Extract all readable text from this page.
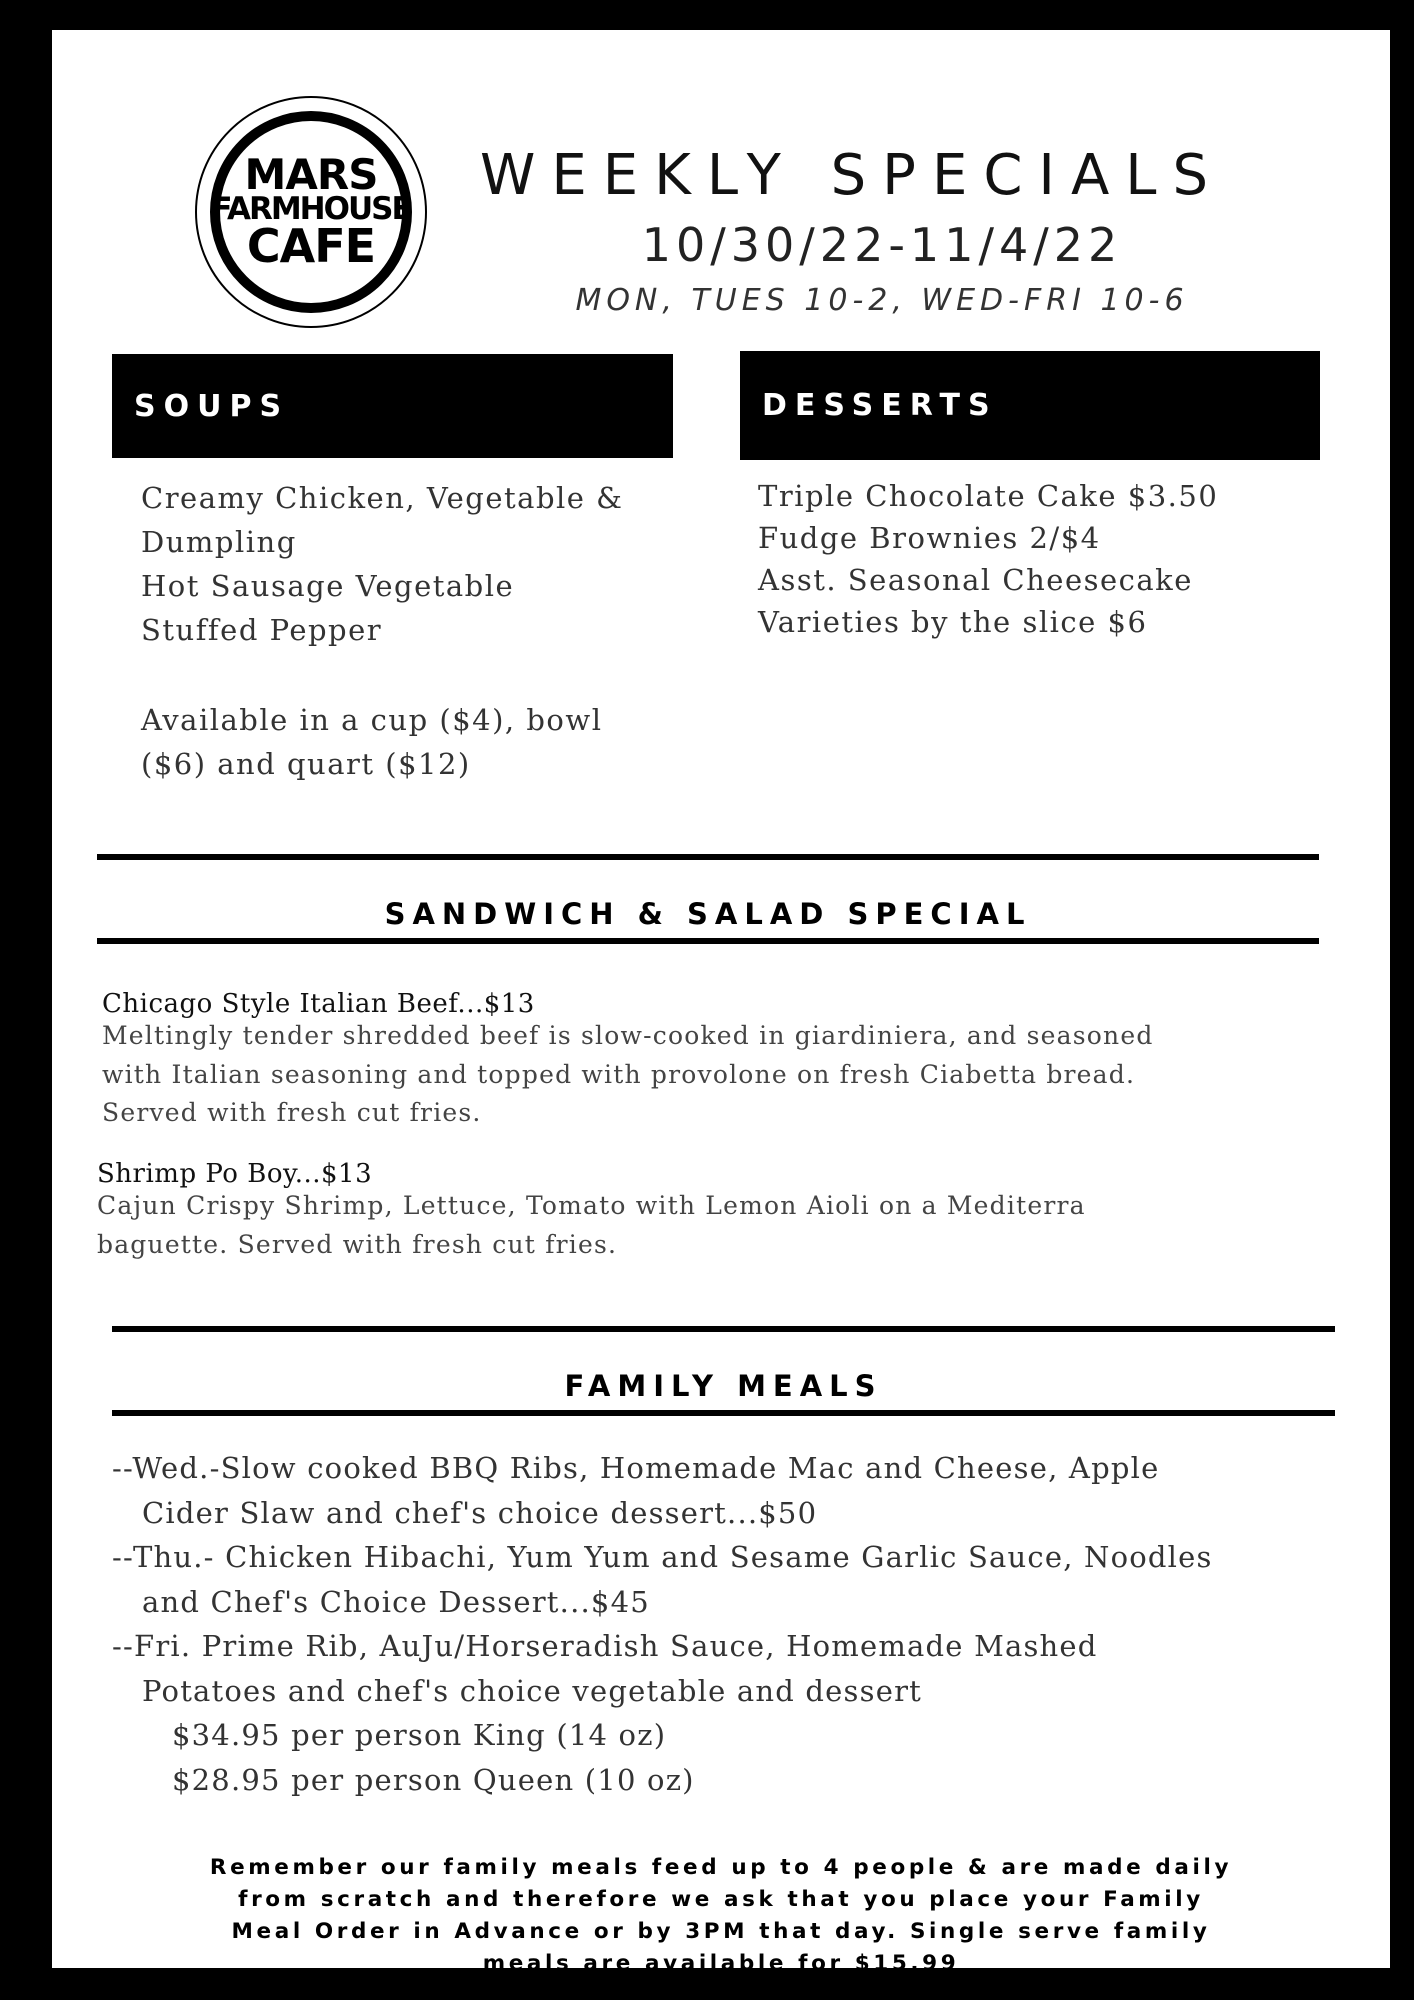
MARS
FARMHOUSE
CAFE
WEEKLY SPECIALS
10/30/22-11/4/22
MON, TUES 10-2, WED-FRI 10-6
SOUPS
Creamy Chicken, Vegetable &
Dumpling
Hot Sausage Vegetable
Stuffed Pepper
Available in a cup ($4), bowl
($6) and quart ($12)
DESSERTS
Triple Chocolate Cake $3.50
Fudge Brownies 2/$4
Asst. Seasonal Cheesecake
Varieties by the slice $6
SANDWICH & SALAD SPECIAL
Chicago Style Italian Beef...$13
Meltingly tender shredded beef is slow-cooked in giardiniera, and seasoned
with Italian seasoning and topped with provolone on fresh Ciabetta bread.
Served with fresh cut fries.
Shrimp Po Boy...$13
Cajun Crispy Shrimp, Lettuce, Tomato with Lemon Aioli on a Mediterra
baguette. Served with fresh cut fries.
FAMILY MEALS
--Wed.-Slow cooked BBQ Ribs, Homemade Mac and Cheese, Apple
Cider Slaw and chef's choice dessert...$50
--Thu.- Chicken Hibachi, Yum Yum and Sesame Garlic Sauce, Noodles
and Chef's Choice Dessert...$45
--Fri. Prime Rib, AuJu/Horseradish Sauce, Homemade Mashed
Potatoes and chef's choice vegetable and dessert
$34.95 per person King (14 oz)
$28.95 per person Queen (10 oz)
Remember our family meals feed up to 4 people & are made daily
from scratch and therefore we ask that you place your Family
Meal Order in Advance or by 3PM that day. Single serve family
meals are available for $15.99
